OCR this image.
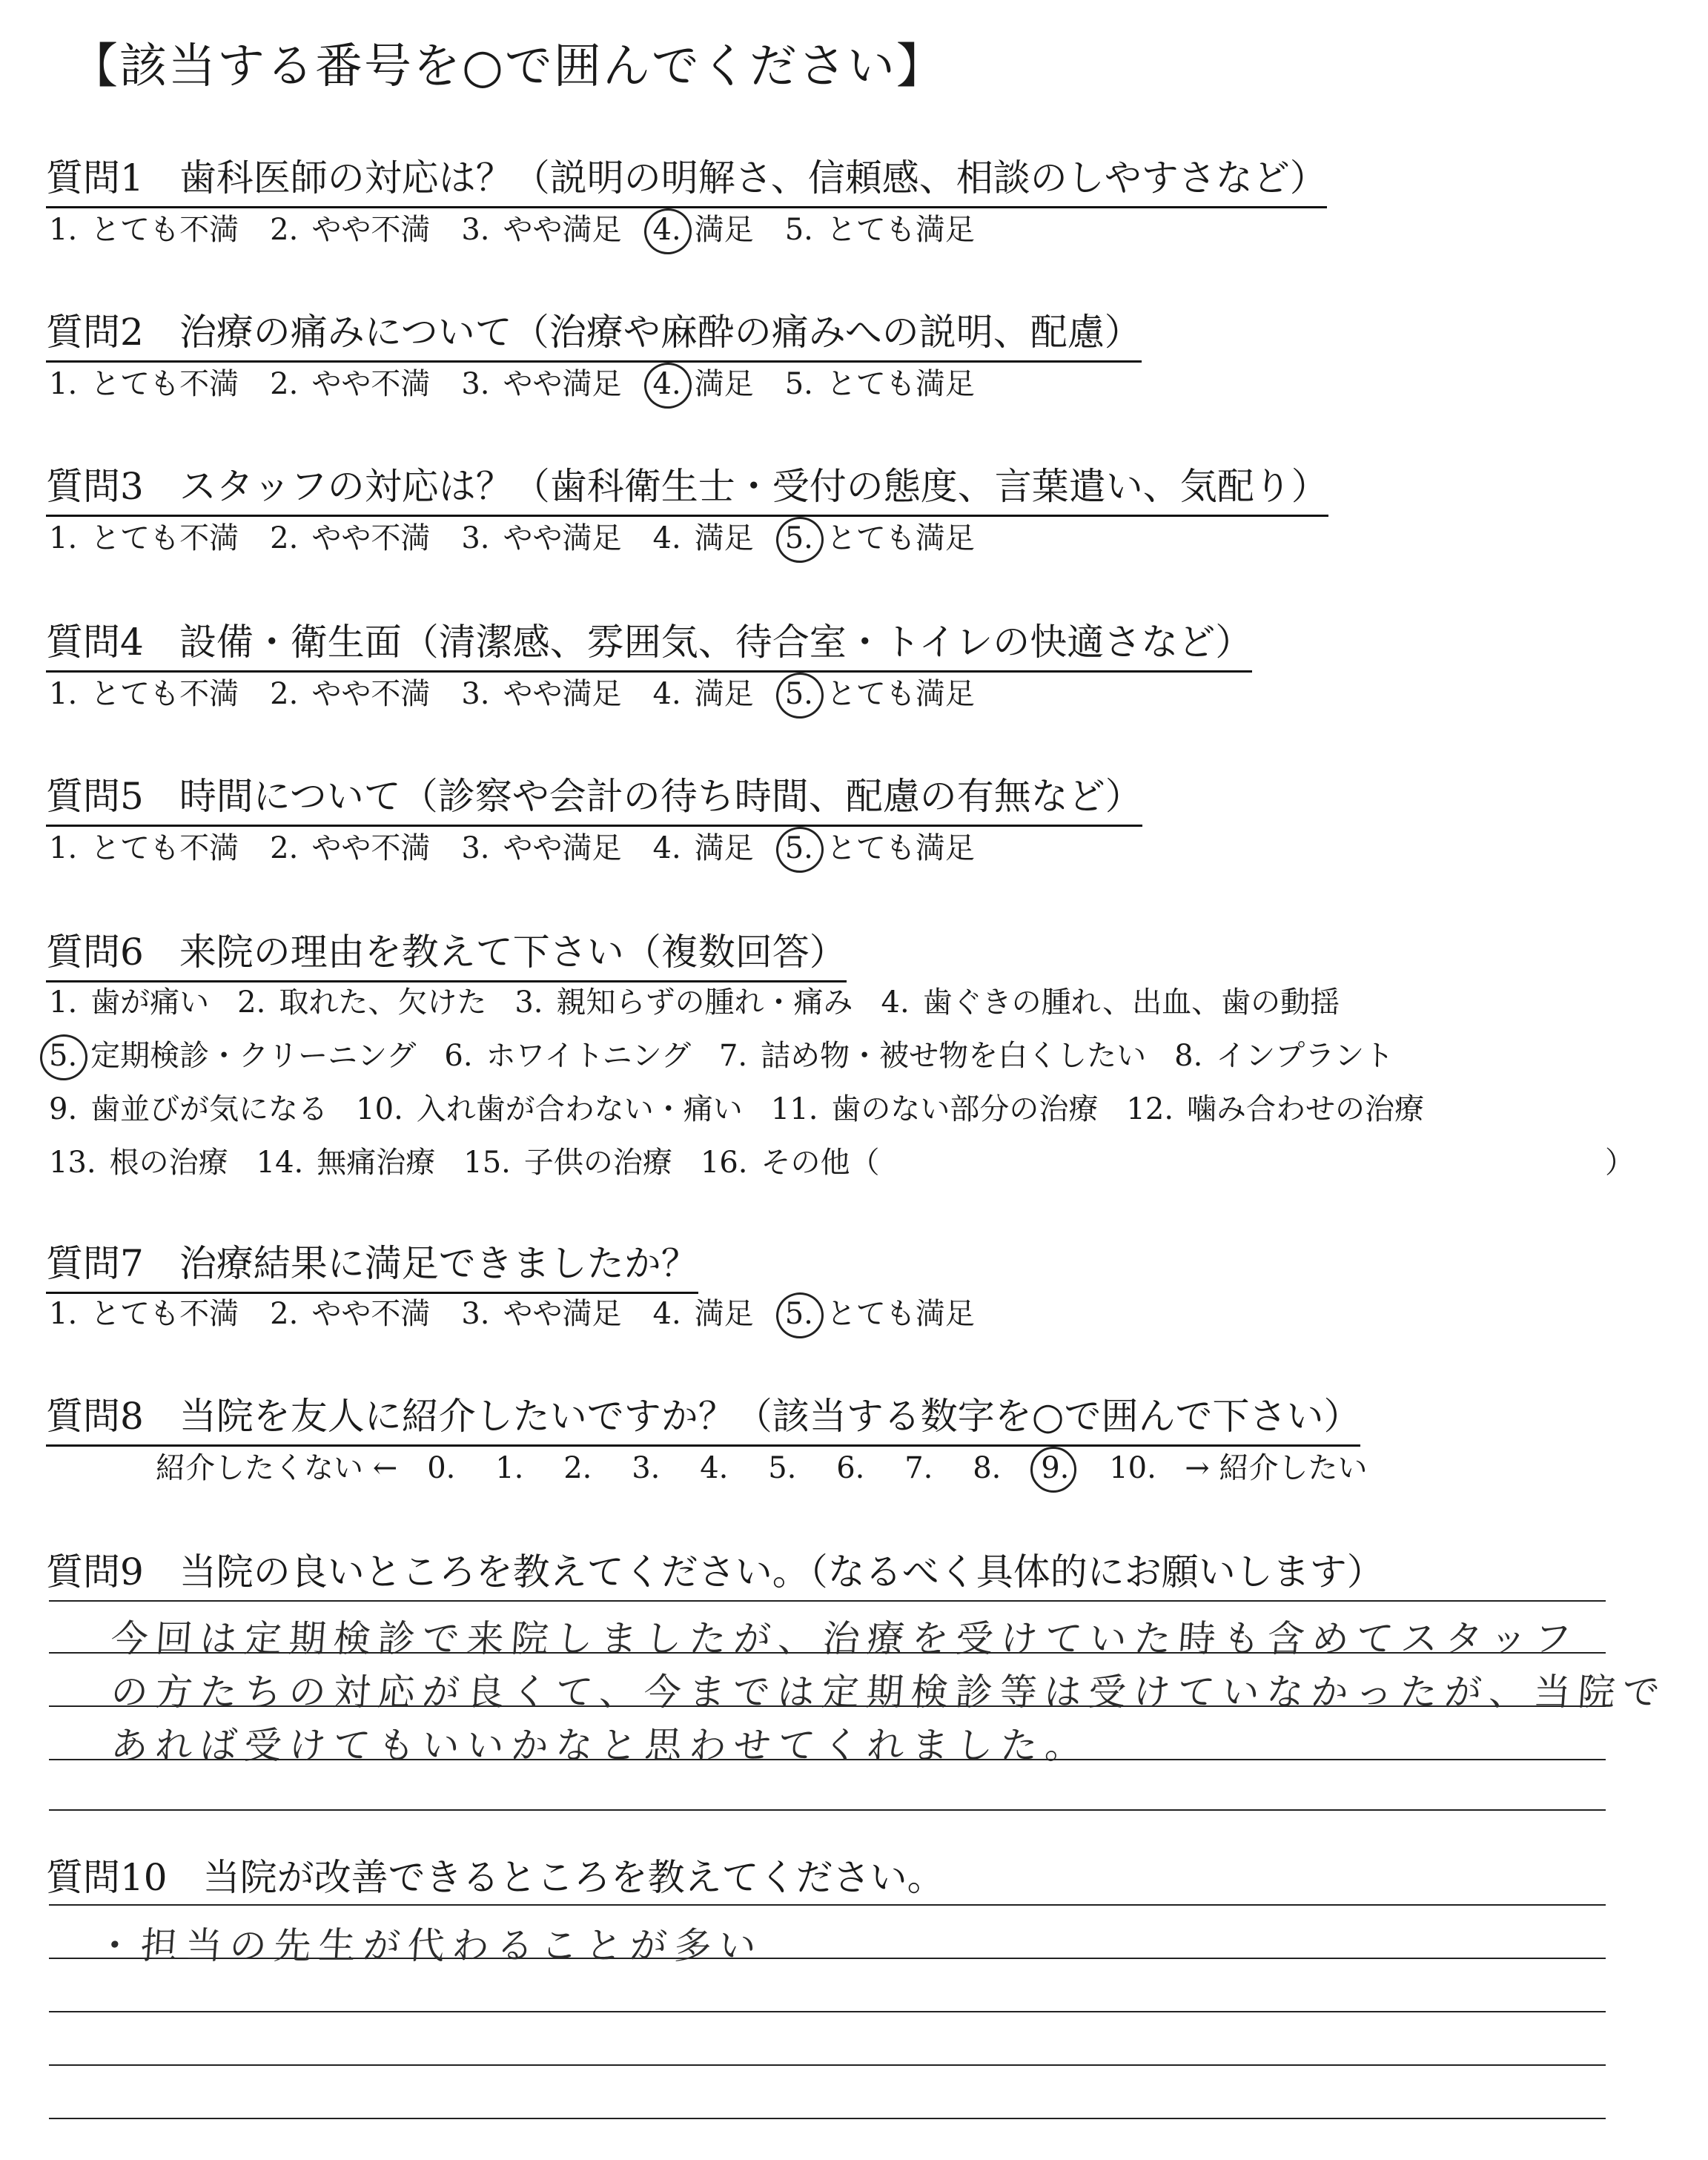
【該当する番号を○で囲んでください】
質問1 歯科医師の対応は？（説明の明解さ、信頼感、相談のしやすさなど）
1. とても不満 2. やや不満 3. やや満足 4. 満足 5. とても満足
質問2 治療の痛みについて（治療や麻酔の痛みへの説明、配慮）
1. とても不満 2. やや不満 3. やや満足 4. 満足 5. とても満足
質問3 スタッフの対応は？（歯科衛生士・受付の態度、言葉遣い、気配り）
1. とても不満 2. やや不満 3. やや満足 4. 満足 5. とても満足
質問4 設備・衛生面（清潔感、雰囲気、待合室・トイレの快適さなど）
1. とても不満 2. やや不満 3. やや満足 4. 満足 5. とても満足
質問5 時間について（診察や会計の待ち時間、配慮の有無など）
1. とても不満 2. やや不満 3. やや満足 4. 満足 5. とても満足
質問6 来院の理由を教えて下さい（複数回答）
1. 歯が痛い 2. 取れた、欠けた 3. 親知らずの腫れ・痛み 4. 歯ぐきの腫れ、出血、歯の動揺
5. 定期検診・クリーニング 6. ホワイトニング 7. 詰め物・被せ物を白くしたい 8. インプラント
9. 歯並びが気になる 10. 入れ歯が合わない・痛い 11. 歯のない部分の治療 12. 噛み合わせの治療
13. 根の治療 14. 無痛治療 15. 子供の治療 16. その他（	）
質問7 治療結果に満足できましたか？
1. とても不満 2. やや不満 3. やや満足 4. 満足 5. とても満足
質問8 当院を友人に紹介したいですか？（該当する数字を○で囲んで下さい）
紹介したくない ← 0. 1. 2. 3. 4. 5. 6. 7. 8. 9. 10. → 紹介したい
質問9 当院の良いところを教えてください。（なるべく具体的にお願いします）
今回は定期検診で来院しましたが、治療を受けていた時も含めてスタッフ
の方たちの対応が良くて、今までは定期検診等は受けていなかったが、当院で
あれば受けてもいいかなと思わせてくれました。
質問10 当院が改善できるところを教えてください。
・担当の先生が代わることが多い
